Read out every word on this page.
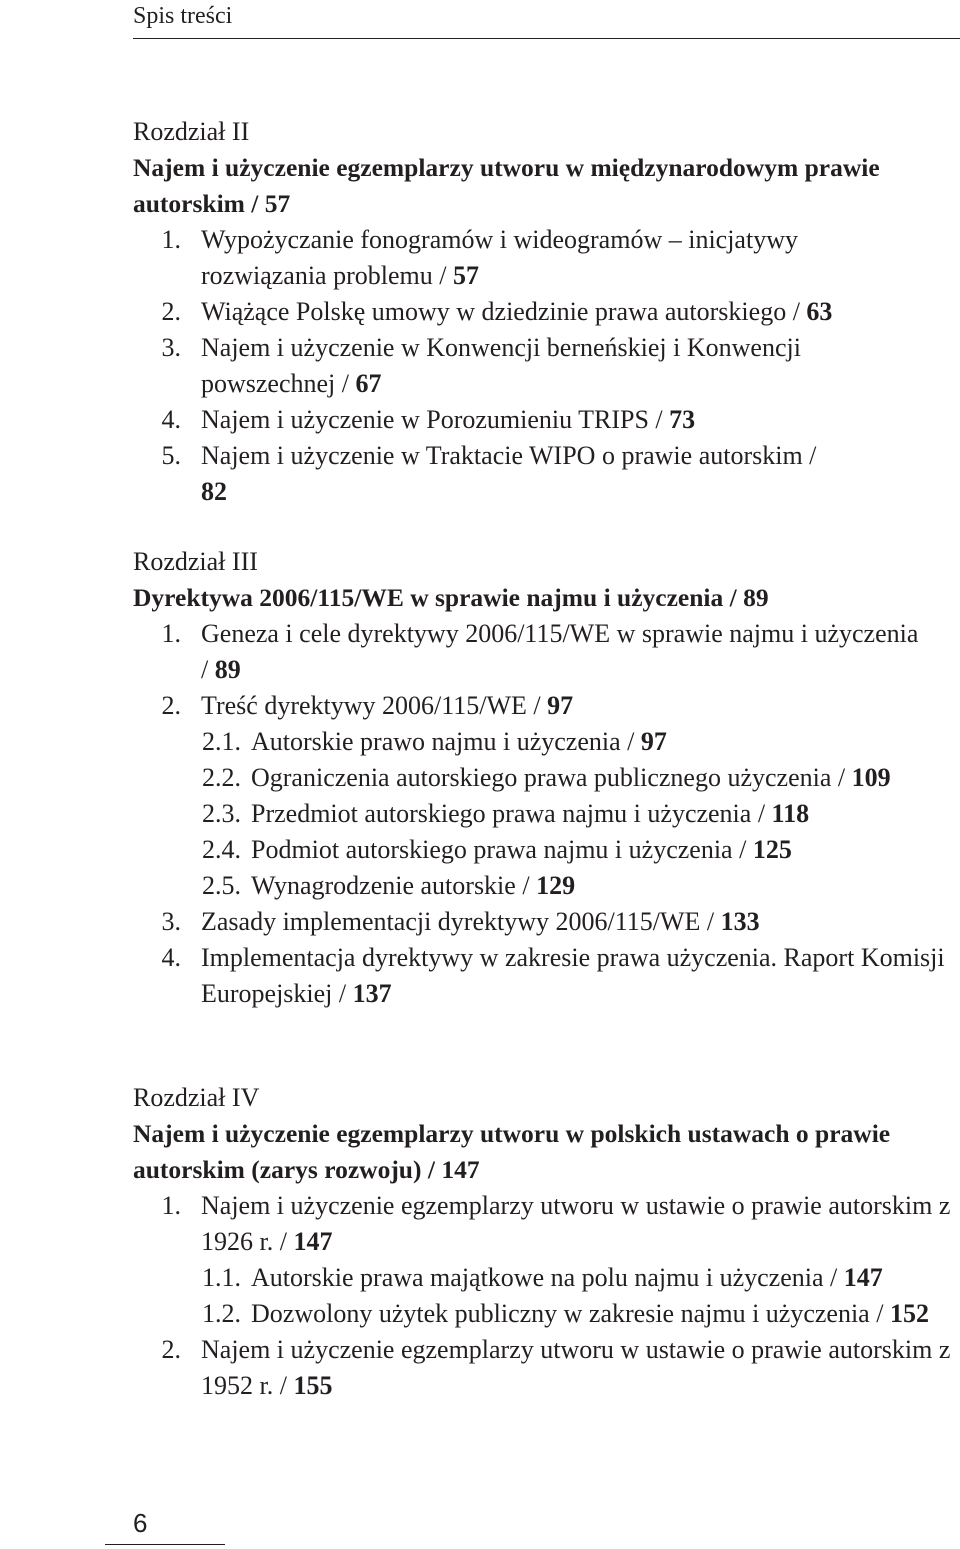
Spis treści
Rozdział II
Najem i użyczenie egzemplarzy utworu w międzynarodowym prawie autorskim / 57
1. Wypożyczanie fonogramów i wideogramów – inicjatywy rozwiązania problemu / 57
2. Wiążące Polskę umowy w dziedzinie prawa autorskiego / 63
3. Najem i użyczenie w Konwencji berneńskiej i Konwencji powszechnej / 67
4. Najem i użyczenie w Porozumieniu TRIPS / 73
5. Najem i użyczenie w Traktacie WIPO o prawie autorskim / 82
Rozdział III
Dyrektywa 2006/115/WE w sprawie najmu i użyczenia / 89
1. Geneza i cele dyrektywy 2006/115/WE w sprawie najmu i użyczenia / 89
2. Treść dyrektywy 2006/115/WE / 97
2.1. Autorskie prawo najmu i użyczenia / 97
2.2. Ograniczenia autorskiego prawa publicznego użyczenia / 109
2.3. Przedmiot autorskiego prawa najmu i użyczenia / 118
2.4. Podmiot autorskiego prawa najmu i użyczenia / 125
2.5. Wynagrodzenie autorskie / 129
3. Zasady implementacji dyrektywy 2006/115/WE / 133
4. Implementacja dyrektywy w zakresie prawa użyczenia. Raport Komisji Europejskiej / 137
Rozdział IV
Najem i użyczenie egzemplarzy utworu w polskich ustawach o prawie autorskim (zarys rozwoju) / 147
1. Najem i użyczenie egzemplarzy utworu w ustawie o prawie autorskim z 1926 r. / 147
1.1. Autorskie prawa majątkowe na polu najmu i użyczenia / 147
1.2. Dozwolony użytek publiczny w zakresie najmu i użyczenia / 152
2. Najem i użyczenie egzemplarzy utworu w ustawie o prawie autorskim z 1952 r. / 155
6
